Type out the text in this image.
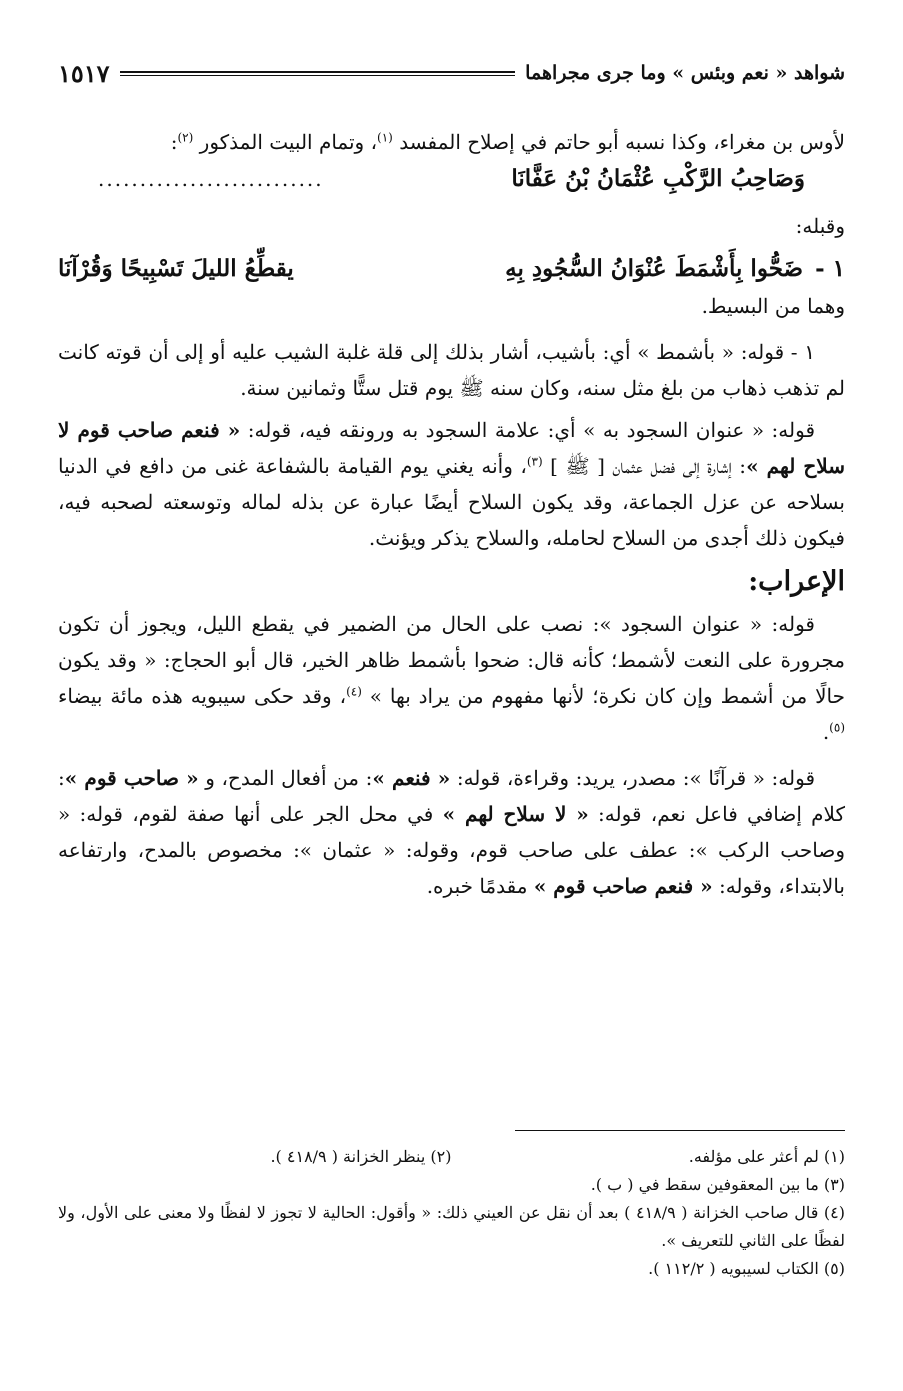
شواهد « نعم وبئس » وما جرى مجراهما
١٥١٧

لأوس بن مغراء، وكذا نسبه أبو حاتم في إصلاح المفسد $^{(١)}$، وتمام البيت المذكور $^{(٢)}$:

وَصَاحِبُ الرَّكْبِ عُثْمَانُ بْنُ عَفَّانَا
...........................

وقبله:

١ -ضَحُّوا بِأَشْمَطَ عُنْوَانُ السُّجُودِ بِهِ
يقطِّعُ الليلَ تَسْبِيحًا وَقُرْآنَا

وهما من البسيط.

١ - قوله: « بأشمط » أي: بأشيب، أشار بذلك إلى قلة غلبة الشيب عليه أو إلى أن قوته كانت لم تذهب ذهاب من بلغ مثل سنه، وكان سنه ﷺ يوم قتل ستًّا وثمانين سنة.

قوله: « عنوان السجود به » أي: علامة السجود به ورونقه فيه، قوله: « فنعم صاحب قوم لا سلاح لهم »: إشارة إلى فضل عثمان [ ﷺ ] $^{(٣)}$، وأنه يغني يوم القيامة بالشفاعة غنى من دافع في الدنيا بسلاحه عن عزل الجماعة، وقد يكون السلاح أيضًا عبارة عن بذله لماله وتوسعته لصحبه فيه، فيكون ذلك أجدى من السلاح لحامله، والسلاح يذكر ويؤنث.

الإعراب:

قوله: « عنوان السجود »: نصب على الحال من الضمير في يقطع الليل، ويجوز أن تكون مجرورة على النعت لأشمط؛ كأنه قال: ضحوا بأشمط ظاهر الخير، قال أبو الحجاج: « وقد يكون حالًا من أشمط وإن كان نكرة؛ لأنها مفهوم من يراد بها » $^{(٤)}$، وقد حكى سيبويه هذه مائة بيضاء $^{(٥)}$.

قوله: « قرآنًا »: مصدر، يريد: وقراءة، قوله: « فنعم »: من أفعال المدح، و « صاحب قوم »: كلام إضافي فاعل نعم، قوله: « لا سلاح لهم » في محل الجر على أنها صفة لقوم، قوله: « وصاحب الركب »: عطف على صاحب قوم، وقوله: « عثمان »: مخصوص بالمدح، وارتفاعه بالابتداء، وقوله: « فنعم صاحب قوم » مقدمًا خبره.

(١) لم أعثر على مؤلفه.
(٢) ينظر الخزانة ( ٤١٨/٩ ).

(٣) ما بين المعقوفين سقط في ( ب ).

(٤) قال صاحب الخزانة ( ٤١٨/٩ ) بعد أن نقل عن العيني ذلك: « وأقول: الحالية لا تجوز لا لفظًا ولا معنى على الأول، ولا لفظًا على الثاني للتعريف ».

(٥) الكتاب لسيبويه ( ١١٢/٢ ).
